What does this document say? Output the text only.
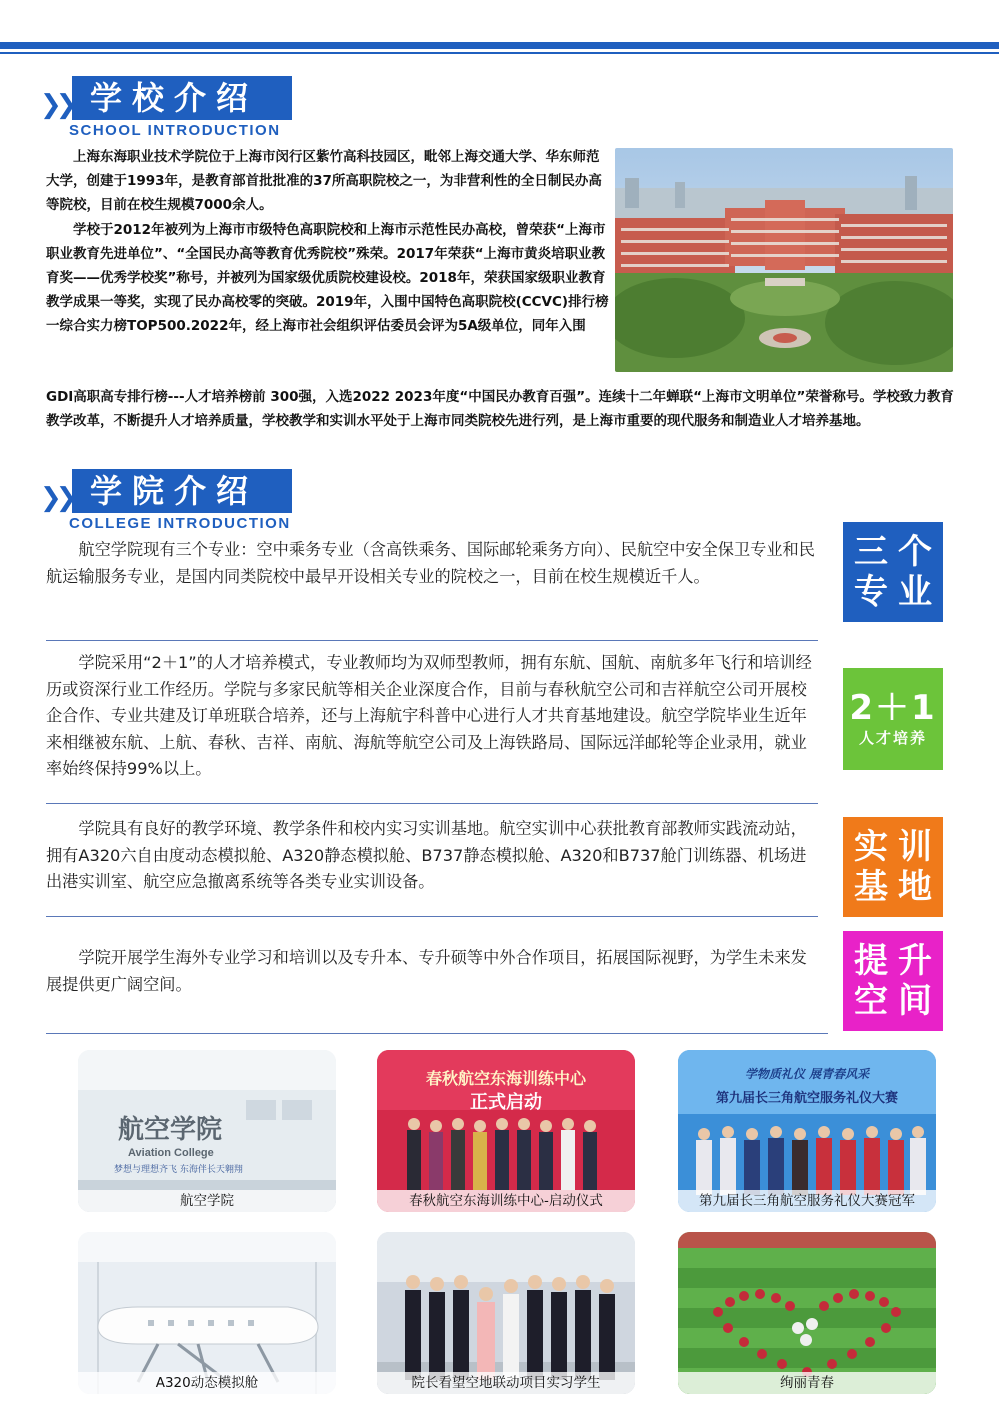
❯❯ 学校介绍
SCHOOL INTRODUCTION

上海东海职业技术学院位于上海市闵行区紫竹高科技园区，毗邻上海交通大学、华东师范大学，创建于1993年，是教育部首批批准的37所高职院校之一，为非营利性的全日制民办高等院校，目前在校生规模7000余人。

学校于2012年被列为上海市市级特色高职院校和上海市示范性民办高校，曾荣获“上海市职业教育先进单位”、“全国民办高等教育优秀院校”殊荣。2017年荣获“上海市黄炎培职业教育奖——优秀学校奖”称号，并被列为国家级优质院校建设校。2018年，荣获国家级职业教育教学成果一等奖，实现了民办高校零的突破。2019年，入围中国特色高职院校(CCVC)排行榜一综合实力榜TOP500.2022年，经上海市社会组织评估委员会评为5A级单位，同年入围

GDI高职高专排行榜---人才培养榜前 300强，入选2022 2023年度“中国民办教育百强”。连续十二年蝉联“上海市文明单位”荣誉称号。学校致力教育教学改革，不断提升人才培养质量，学校教学和实训水平处于上海市同类院校先进行列，是上海市重要的现代服务和制造业人才培养基地。
❯❯ 学院介绍
COLLEGE INTRODUCTION

航空学院现有三个专业：空中乘务专业（含高铁乘务、国际邮轮乘务方向）、民航空中安全保卫专业和民航运输服务专业，是国内同类院校中最早开设相关专业的院校之一，目前在校生规模近千人。

学院采用“2＋1”的人才培养模式，专业教师均为双师型教师，拥有东航、国航、南航多年飞行和培训经历或资深行业工作经历。学院与多家民航等相关企业深度合作，目前与春秋航空公司和吉祥航空公司开展校企合作、专业共建及订单班联合培养，还与上海航宇科普中心进行人才共育基地建设。航空学院毕业生近年来相继被东航、上航、春秋、吉祥、南航、海航等航空公司及上海铁路局、国际远洋邮轮等企业录用，就业率始终保持99%以上。

学院具有良好的教学环境、教学条件和校内实习实训基地。航空实训中心获批教育部教师实践流动站，拥有A320六自由度动态模拟舱、A320静态模拟舱、B737静态模拟舱、A320和B737舱门训练器、机场进出港实训室、航空应急撤离系统等各类专业实训设备。

学院开展学生海外专业学习和培训以及专升本、专升硕等中外合作项目，拓展国际视野，为学生未来发 展提供更广阔空间。

三个
专业
2＋1
人才培养
实训
基地
提升
空间
航空学院
Aviation College
梦想与理想齐飞 东海伴长天翱翔
航空学院
春秋航空东海训练中心
正式启动
春秋航空东海训练中心-启动仪式
学物质礼仪 展青春风采
第九届长三角航空服务礼仪大赛
第九届长三角航空服务礼仪大赛冠军
A320动态模拟舱	院长看望空地联动项目实习学生	绚丽青春
